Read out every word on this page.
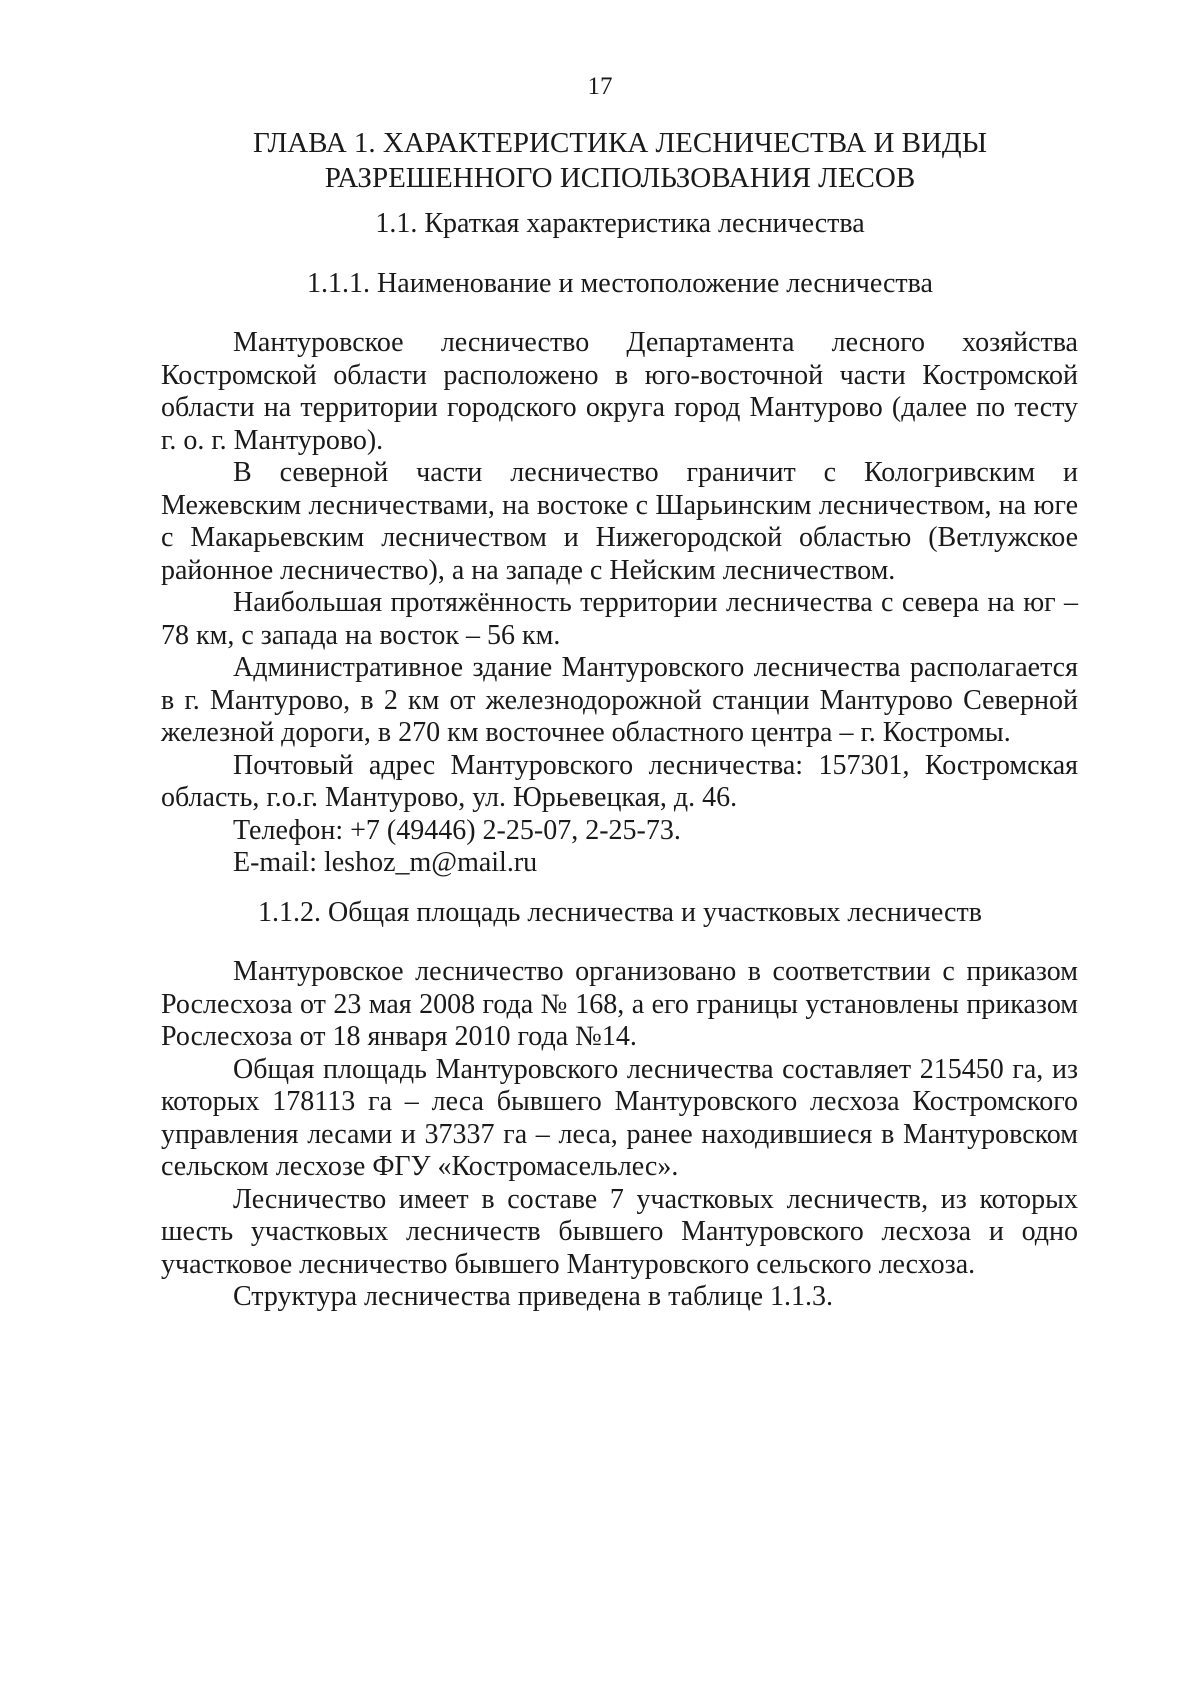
17
ГЛАВА 1. ХАРАКТЕРИСТИКА ЛЕСНИЧЕСТВА И ВИДЫ
РАЗРЕШЕННОГО ИСПОЛЬЗОВАНИЯ ЛЕСОВ
1.1. Краткая характеристика лесничества
1.1.1. Наименование и местоположение лесничества

Мантуровское лесничество Департамента лесного хозяйства Костромской области расположено в юго-восточной части Костромской области на территории городского округа город Мантурово (далее по тесту г. о. г. Мантурово).

В северной части лесничество граничит с Кологривским и Межевским лесничествами, на востоке с Шарьинским лесничеством, на юге с Макарьевским лесничеством и Нижегородской областью (Ветлужское районное лесничество), а на западе с Нейским лесничеством.

Наибольшая протяжённость территории лесничества с севера на юг – 78 км, с запада на восток – 56 км.

Административное здание Мантуровского лесничества располагается в г. Мантурово, в 2 км от железнодорожной станции Мантурово Северной железной дороги, в 270 км восточнее областного центра – г. Костромы.

Почтовый адрес Мантуровского лесничества: 157301, Костромская область, г.о.г. Мантурово, ул. Юрьевецкая, д. 46.

Телефон: +7 (49446) 2-25-07, 2-25-73.

E-mail: leshoz_m@mail.ru

1.1.2. Общая площадь лесничества и участковых лесничеств

Мантуровское лесничество организовано в соответствии с приказом Рослесхоза от 23 мая 2008 года № 168, а его границы установлены приказом Рослесхоза от 18 января 2010 года №14.

Общая площадь Мантуровского лесничества составляет 215450 га, из которых 178113 га – леса бывшего Мантуровского лесхоза Костромского управления лесами и 37337 га – леса, ранее находившиеся в Мантуровском сельском лесхозе ФГУ «Костромасельлес».

Лесничество имеет в составе 7 участковых лесничеств, из которых шесть участковых лесничеств бывшего Мантуровского лесхоза и одно участковое лесничество бывшего Мантуровского сельского лесхоза.

Структура лесничества приведена в таблице 1.1.3.
